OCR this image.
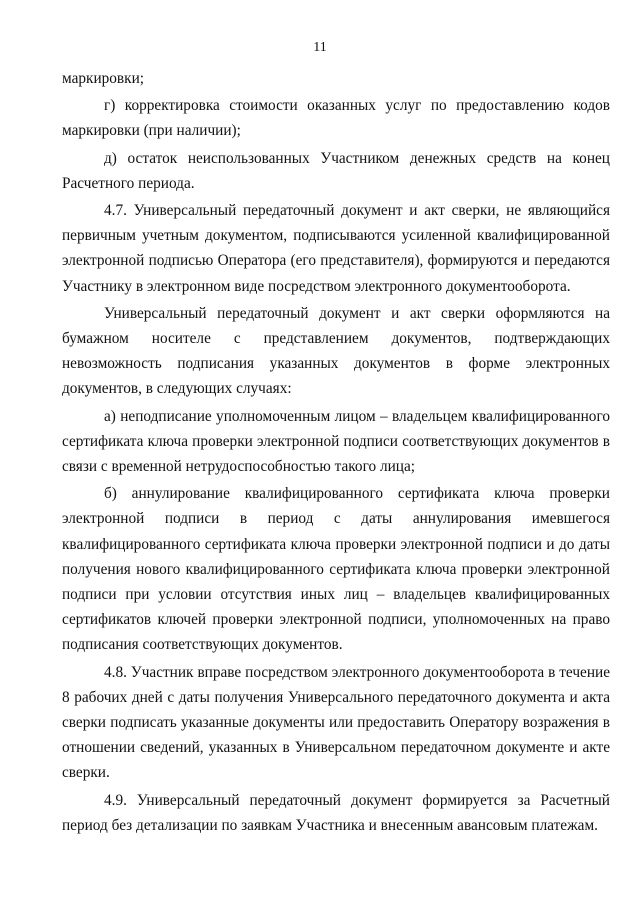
11

маркировки;

г) корректировка стоимости оказанных услуг по предоставлению кодов маркировки (при наличии);

д) остаток неиспользованных Участником денежных средств на конец Расчетного периода.

4.7. Универсальный передаточный документ и акт сверки, не являющийся первичным учетным документом, подписываются усиленной квалифицированной электронной подписью Оператора (его представителя), формируются и передаются Участнику в электронном виде посредством электронного документооборота.

Универсальный передаточный документ и акт сверки оформляются на бумажном носителе с представлением документов, подтверждающих невозможность подписания указанных документов в форме электронных документов, в следующих случаях:

а) неподписание уполномоченным лицом – владельцем квалифицированного сертификата ключа проверки электронной подписи соответствующих документов в связи с временной нетрудоспособностью такого лица;

б) аннулирование квалифицированного сертификата ключа проверки электронной подписи в период с даты аннулирования имевшегося квалифицированного сертификата ключа проверки электронной подписи и до даты получения нового квалифицированного сертификата ключа проверки электронной подписи при условии отсутствия иных лиц – владельцев квалифицированных сертификатов ключей проверки электронной подписи, уполномоченных на право подписания соответствующих документов.

4.8. Участник вправе посредством электронного документооборота в течение 8 рабочих дней с даты получения Универсального передаточного документа и акта сверки подписать указанные документы или предоставить Оператору возражения в отношении сведений, указанных в Универсальном передаточном документе и акте сверки.

4.9. Универсальный передаточный документ формируется за Расчетный период без детализации по заявкам Участника и внесенным авансовым платежам.
